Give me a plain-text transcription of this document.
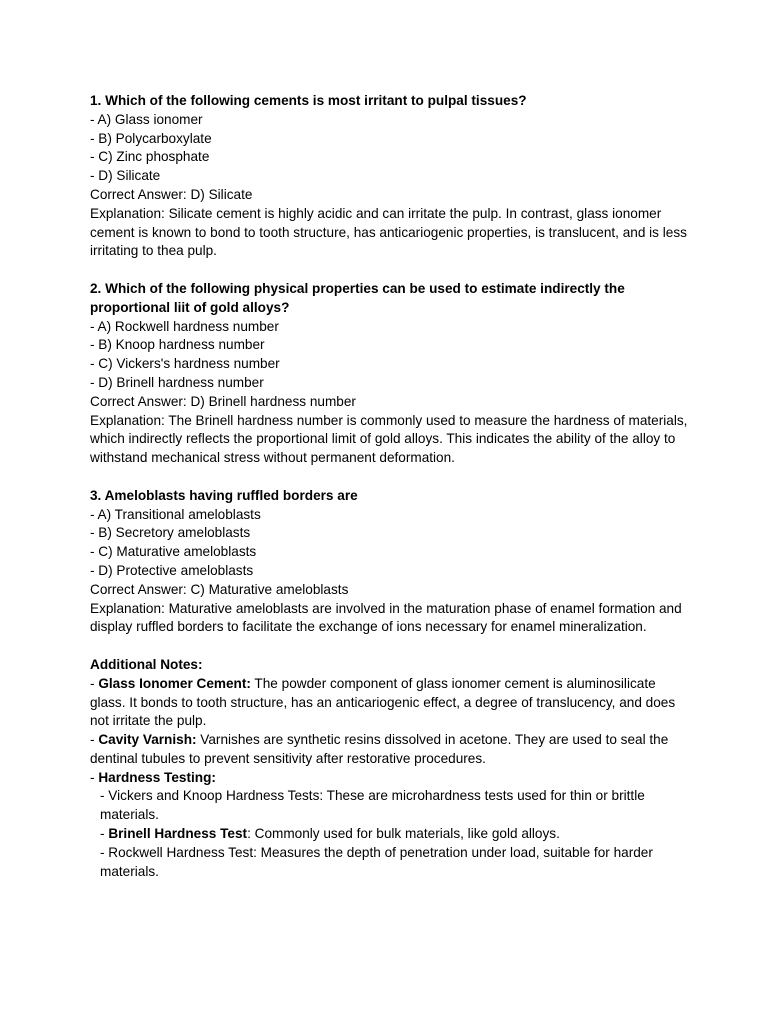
1. Which of the following cements is most irritant to pulpal tissues?

- A) Glass ionomer

- B) Polycarboxylate

- C) Zinc phosphate

- D) Silicate

Correct Answer: D) Silicate

Explanation: Silicate cement is highly acidic and can irritate the pulp. In contrast, glass ionomer cement is known to bond to tooth structure, has anticariogenic properties, is translucent, and is less irritating to thea pulp.

2. Which of the following physical properties can be used to estimate indirectly the proportional liit of gold alloys?

- A) Rockwell hardness number

- B) Knoop hardness number

- C) Vickers's hardness number

- D) Brinell hardness number

Correct Answer: D) Brinell hardness number

Explanation: The Brinell hardness number is commonly used to measure the hardness of materials, which indirectly reflects the proportional limit of gold alloys. This indicates the ability of the alloy to withstand mechanical stress without permanent deformation.

3. Ameloblasts having ruffled borders are

- A) Transitional ameloblasts

- B) Secretory ameloblasts

- C) Maturative ameloblasts

- D) Protective ameloblasts

Correct Answer: C) Maturative ameloblasts

Explanation: Maturative ameloblasts are involved in the maturation phase of enamel formation and display ruffled borders to facilitate the exchange of ions necessary for enamel mineralization.

Additional Notes:

- Glass Ionomer Cement: The powder component of glass ionomer cement is aluminosilicate glass. It bonds to tooth structure, has an anticariogenic effect, a degree of translucency, and does not irritate the pulp.

- Cavity Varnish: Varnishes are synthetic resins dissolved in acetone. They are used to seal the dentinal tubules to prevent sensitivity after restorative procedures.

- Hardness Testing:

- Vickers and Knoop Hardness Tests: These are microhardness tests used for thin or brittle materials.

- Brinell Hardness Test: Commonly used for bulk materials, like gold alloys.

- Rockwell Hardness Test: Measures the depth of penetration under load, suitable for harder materials.
